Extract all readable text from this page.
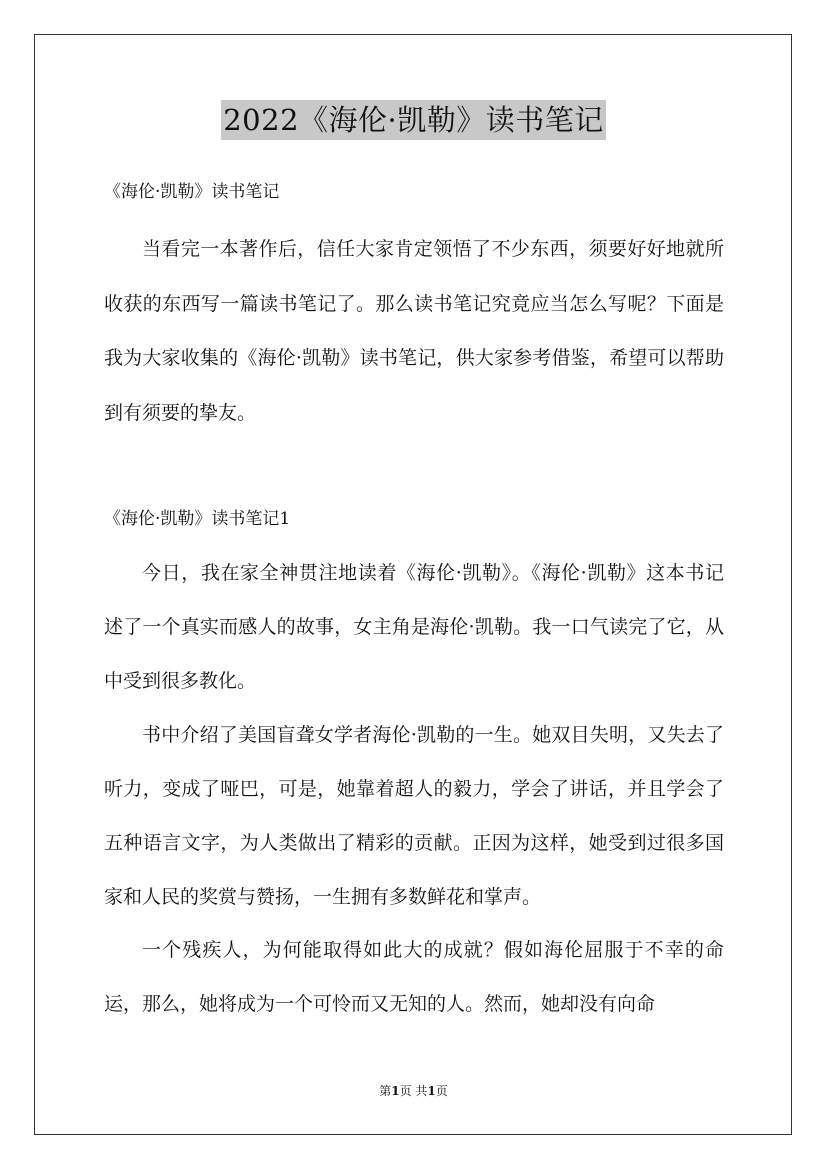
2022《海伦·凯勒》读书笔记
《海伦·凯勒》读书笔记

当看完一本著作后，信任大家肯定领悟了不少东西，须要好好地就所收获的东西写一篇读书笔记了。那么读书笔记究竟应当怎么写呢？下面是我为大家收集的《海伦·凯勒》读书笔记，供大家参考借鉴，希望可以帮助到有须要的挚友。

《海伦·凯勒》读书笔记1

今日，我在家全神贯注地读着《海伦·凯勒》。《海伦·凯勒》这本书记述了一个真实而感人的故事，女主角是海伦·凯勒。我一口气读完了它，从中受到很多教化。

书中介绍了美国盲聋女学者海伦·凯勒的一生。她双目失明，又失去了听力，变成了哑巴，可是，她靠着超人的毅力，学会了讲话，并且学会了五种语言文字，为人类做出了精彩的贡献。正因为这样，她受到过很多国家和人民的奖赏与赞扬，一生拥有多数鲜花和掌声。

一个残疾人，为何能取得如此大的成就？假如海伦屈服于不幸的命运，那么，她将成为一个可怜而又无知的人。然而，她却没有向命

第1页 共1页
